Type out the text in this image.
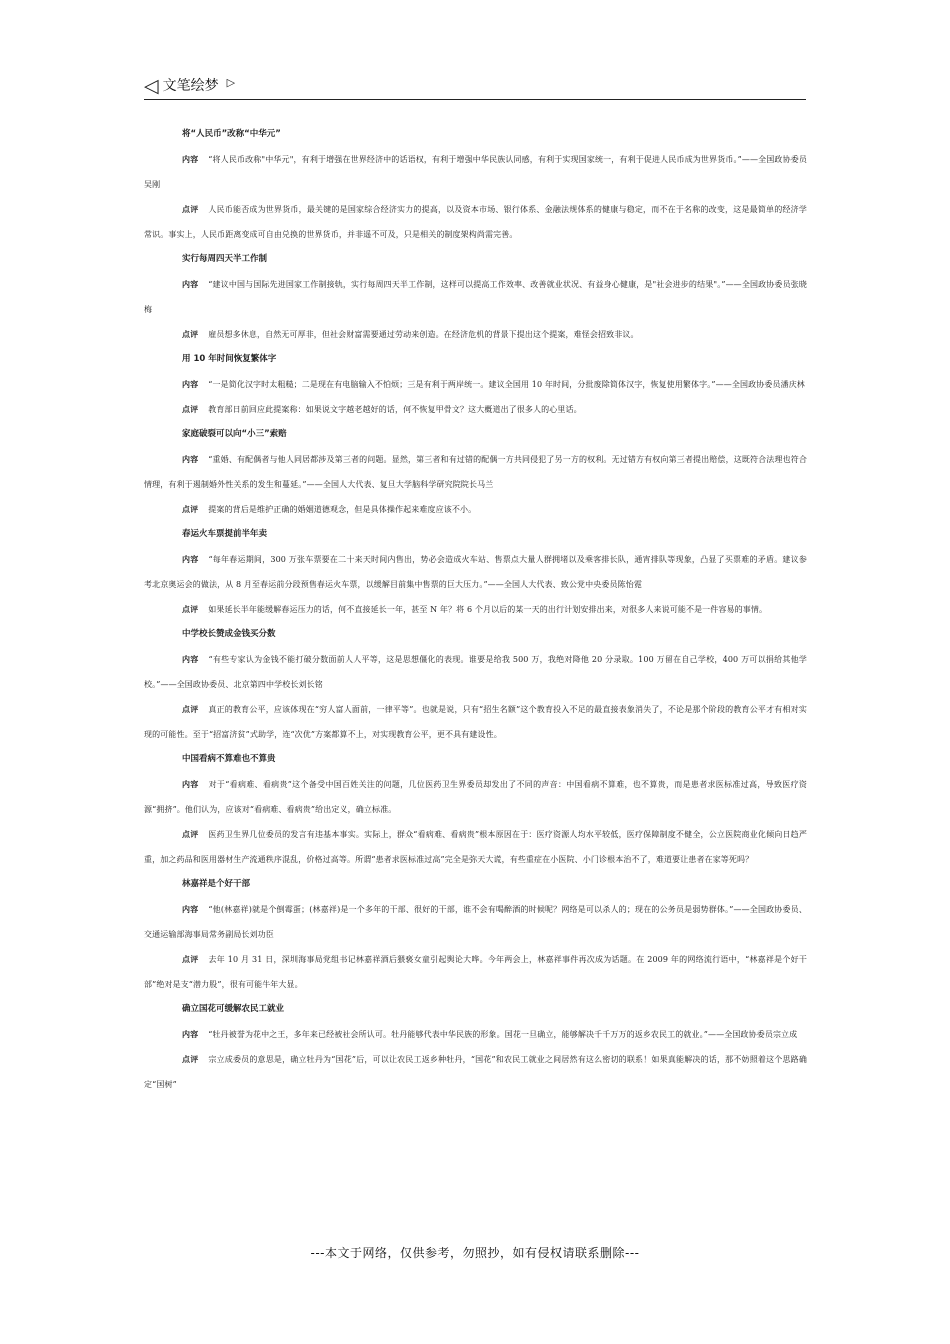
◁ 文笔绘梦 ▷
将“人民币”改称“中华元”

内容 “将人民币改称"中华元"，有利于增强在世界经济中的话语权，有利于增强中华民族认同感，有利于实现国家统一，有利于促进人民币成为世界货币。”——全国政协委员吴刚

点评 人民币能否成为世界货币，最关键的是国家综合经济实力的提高，以及资本市场、银行体系、金融法规体系的健康与稳定，而不在于名称的改变，这是最简单的经济学常识。事实上，人民币距离变成可自由兑换的世界货币，并非遥不可及，只是相关的制度架构尚需完善。

实行每周四天半工作制

内容 “建议中国与国际先进国家工作制接轨，实行每周四天半工作制，这样可以提高工作效率、改善就业状况、有益身心健康，是"社会进步的结果"。”——全国政协委员张晓梅

点评 雇员想多休息，自然无可厚非，但社会财富需要通过劳动来创造。在经济危机的背景下提出这个提案，难怪会招致非议。

用 10 年时间恢复繁体字

内容 “一是简化汉字时太粗糙；二是现在有电脑输入不怕烦；三是有利于两岸统一。建议全国用 10 年时间，分批废除简体汉字，恢复使用繁体字。”——全国政协委员潘庆林

点评 教育部日前回应此提案称：如果说文字越老越好的话，何不恢复甲骨文？这大概道出了很多人的心里话。

家庭破裂可以向“小三”索赔

内容 “重婚、有配偶者与他人同居都涉及第三者的问题。显然，第三者和有过错的配偶一方共同侵犯了另一方的权利。无过错方有权向第三者提出赔偿，这既符合法理也符合情理，有利于遏制婚外性关系的发生和蔓延。”——全国人大代表、复旦大学脑科学研究院院长马兰

点评 提案的背后是维护正确的婚姻道德观念，但是具体操作起来难度应该不小。

春运火车票提前半年卖

内容 “每年春运期间，300 万张车票要在二十来天时间内售出，势必会造成火车站、售票点大量人群拥堵以及乘客排长队，通宵排队等现象，凸显了买票难的矛盾。建议参考北京奥运会的做法，从 8 月至春运前分段预售春运火车票，以缓解目前集中售票的巨大压力。”——全国人大代表、致公党中央委员陈怡霓

点评 如果延长半年能缓解春运压力的话，何不直接延长一年，甚至 N 年？将 6 个月以后的某一天的出行计划安排出来，对很多人来说可能不是一件容易的事情。

中学校长赞成金钱买分数

内容 “有些专家认为金钱不能打破分数面前人人平等，这是思想僵化的表现。谁要是给我 500 万，我绝对降他 20 分录取。100 万留在自己学校，400 万可以捐给其他学校。”——全国政协委员、北京第四中学校长刘长铭

点评 真正的教育公平，应该体现在“穷人富人面前，一律平等”。也就是说，只有“招生名额”这个教育投入不足的最直接表象消失了，不论是那个阶段的教育公平才有相对实现的可能性。至于“招富济贫”式助学，连“次优”方案都算不上，对实现教育公平，更不具有建设性。

中国看病不算难也不算贵

内容 对于“看病难、看病贵”这个备受中国百姓关注的问题，几位医药卫生界委员却发出了不同的声音：中国看病不算难，也不算贵，而是患者求医标准过高，导致医疗资源“拥挤”。他们认为，应该对“看病难、看病贵”给出定义，确立标准。

点评 医药卫生界几位委员的发言有违基本事实。实际上，群众“看病难、看病贵”根本原因在于：医疗资源人均水平较低，医疗保障制度不健全，公立医院商业化倾向日趋严重，加之药品和医用器材生产流通秩序混乱，价格过高等。所谓“患者求医标准过高”完全是弥天大谎，有些重症在小医院、小门诊根本治不了，难道要让患者在家等死吗？

林嘉祥是个好干部

内容 “他(林嘉祥)就是个倒霉蛋；(林嘉祥)是一个多年的干部、很好的干部，谁不会有喝醉酒的时候呢？网络是可以杀人的；现在的公务员是弱势群体。”——全国政协委员、交通运输部海事局常务副局长刘功臣

点评 去年 10 月 31 日，深圳海事局党组书记林嘉祥酒后猥亵女童引起舆论大哗。今年两会上，林嘉祥事件再次成为话题。在 2009 年的网络流行语中，“林嘉祥是个好干部”绝对是支“潜力股”，很有可能牛年大显。

确立国花可缓解农民工就业

内容 “牡丹被誉为花中之王，多年来已经被社会所认可。牡丹能够代表中华民族的形象。国花一旦确立，能够解决千千万万的返乡农民工的就业。”——全国政协委员宗立成

点评 宗立成委员的意思是，确立牡丹为“国花”后，可以让农民工返乡种牡丹，“国花”和农民工就业之间居然有这么密切的联系！如果真能解决的话，那不妨照着这个思路确定“国树”

---本文于网络，仅供参考，勿照抄，如有侵权请联系删除---
